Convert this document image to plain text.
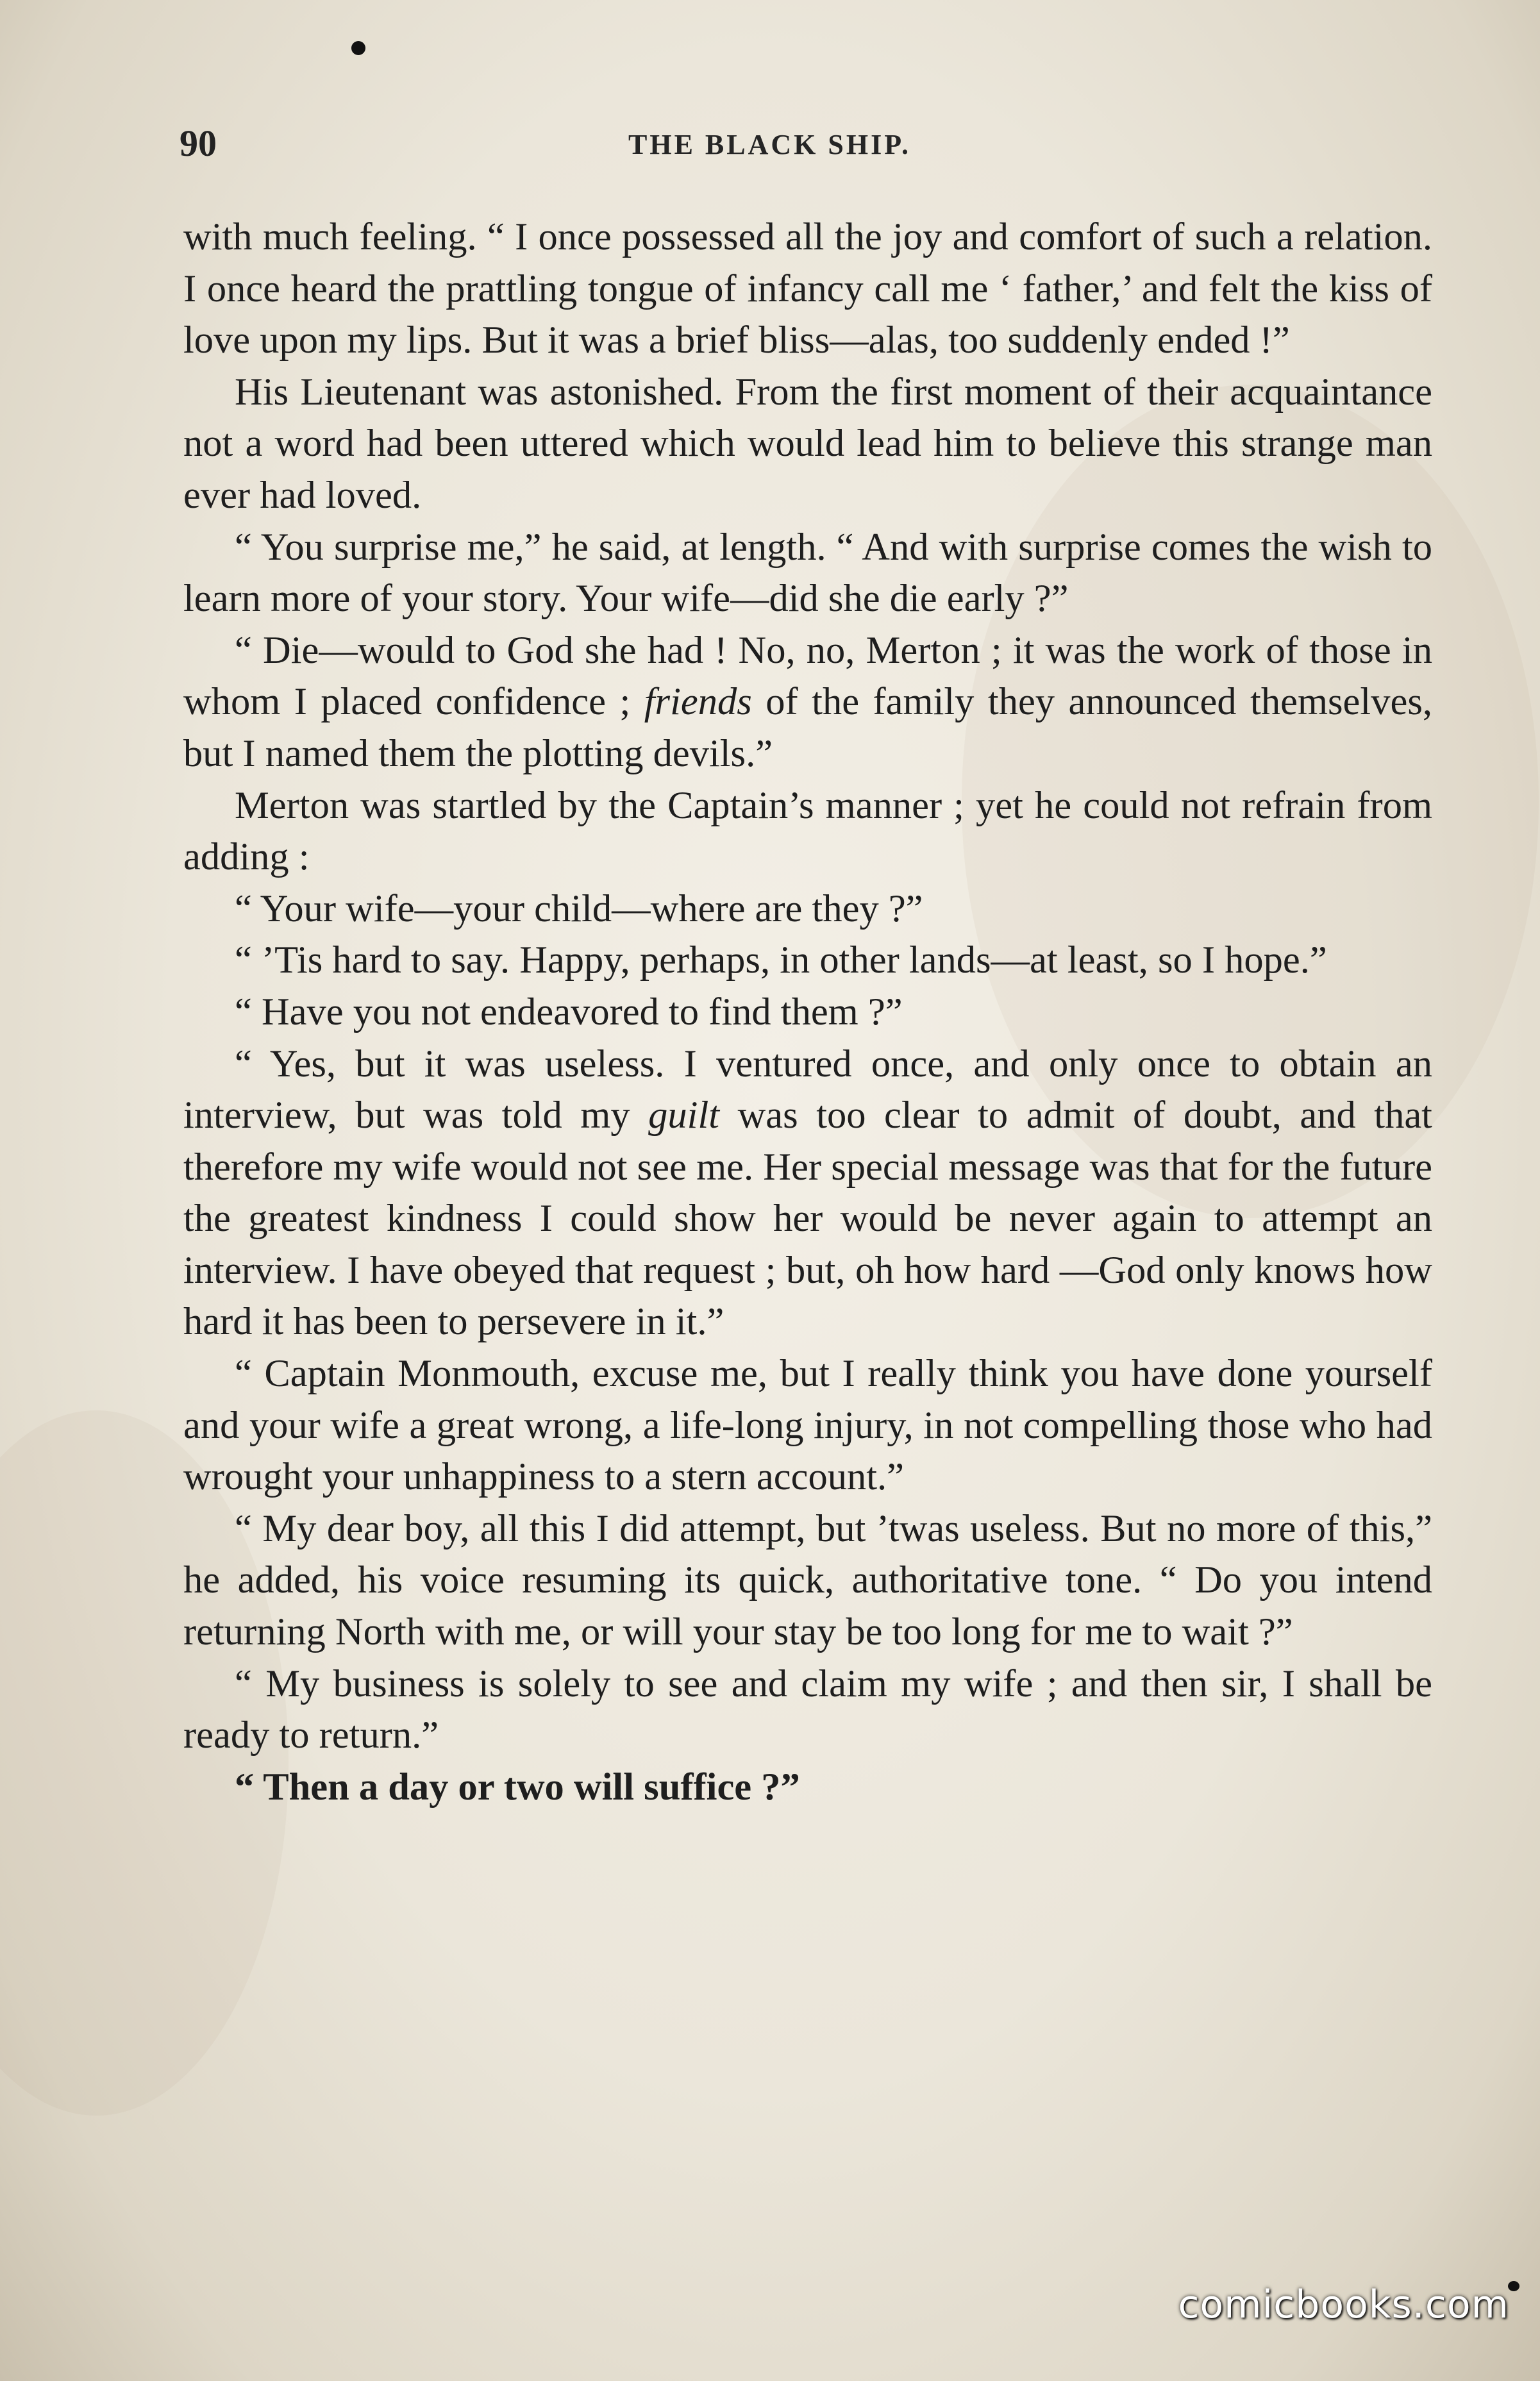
90	THE BLACK SHIP.

with much feeling. “ I once possessed all the joy and comfort of such a relation. I once heard the prattling tongue of infancy call me ‘ father,’ and felt the kiss of love upon my lips. But it was a brief bliss—alas, too suddenly ended !”

His Lieutenant was astonished. From the first moment of their acquaintance not a word had been uttered which would lead him to believe this strange man ever had loved.

“ You surprise me,” he said, at length. “ And with surprise comes the wish to learn more of your story. Your wife—did she die early ?”

“ Die—would to God she had ! No, no, Merton ; it was the work of those in whom I placed confidence ; friends of the family they announced themselves, but I named them the plotting devils.”

Merton was startled by the Captain’s manner ; yet he could not refrain from adding :

“ Your wife—your child—where are they ?”

“ ’Tis hard to say. Happy, perhaps, in other lands—at least, so I hope.”

“ Have you not endeavored to find them ?”

“ Yes, but it was useless. I ventured once, and only once to obtain an interview, but was told my guilt was too clear to admit of doubt, and that therefore my wife would not see me. Her special message was that for the future the greatest kindness I could show her would be never again to attempt an interview. I have obeyed that request ; but, oh how hard —God only knows how hard it has been to persevere in it.”

“ Captain Monmouth, excuse me, but I really think you have done yourself and your wife a great wrong, a life-long injury, in not compelling those who had wrought your unhappiness to a stern account.”

“ My dear boy, all this I did attempt, but ’twas useless. But no more of this,” he added, his voice resuming its quick, authoritative tone. “ Do you intend returning North with me, or will your stay be too long for me to wait ?”

“ My business is solely to see and claim my wife ; and then sir, I shall be ready to return.”

“ Then a day or two will suffice ?”

comicbooks.com
